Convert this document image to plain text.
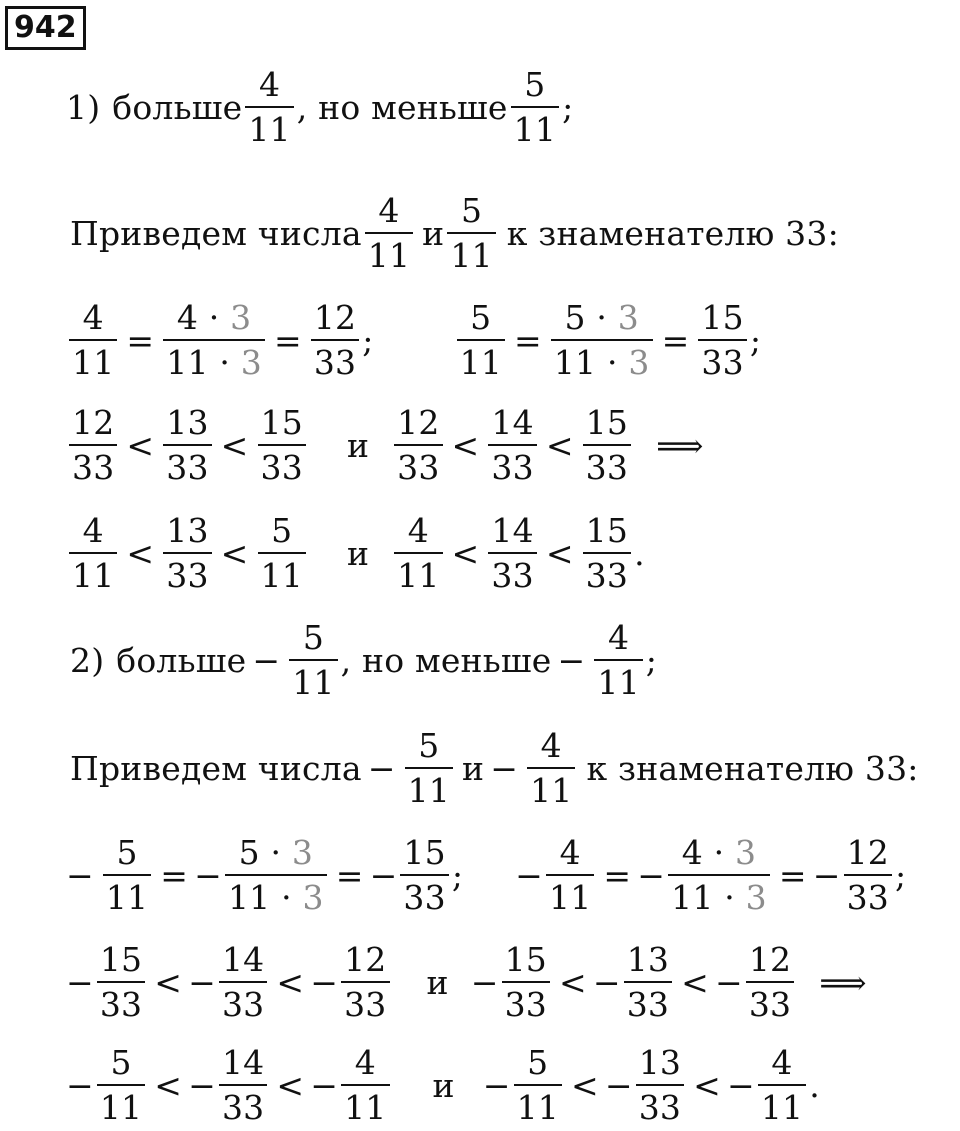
942
1) больше $\frac{4}{11}$ , но меньше $\frac{5}{11}$ ;
Приведем числа $\frac{4}{11}$ и $\frac{5}{11}$ к знаменателю 33:
$\frac{4}{11} = \frac{4 \cdot 3}{11 \cdot 3} = \frac{12}{33}$ ;	$\frac{5}{11} = \frac{5 \cdot 3}{11 \cdot 3} = \frac{15}{33}$ ;
$\frac{12}{33} < \frac{13}{33} < \frac{15}{33}$ и $\frac{12}{33} < \frac{14}{33} < \frac{15}{33}$ ⟹
$\frac{4}{11} < \frac{13}{33} < \frac{5}{11}$ и $\frac{4}{11} < \frac{14}{33} < \frac{15}{33}$ .
2) больше − $\frac{5}{11}$ , но меньше − $\frac{4}{11}$ ;
Приведем числа − $\frac{5}{11}$ $и - \frac{4}{11}$ к знаменателю 33:
− $\frac{5}{11}$ = − $\frac{5 \cdot 3}{11 \cdot 3}$ = − $\frac{15}{33}$ ; − $\frac{4}{11}$ = − $\frac{4 \cdot 3}{11 \cdot 3}$ = − $\frac{12}{33}$ ;
− $\frac{15}{33}$ < − $\frac{14}{33}$ < − $\frac{12}{33}$ $и - \frac{15}{33}$ < − $\frac{13}{33}$ < − $\frac{12}{33}$ ⟹
− $\frac{5}{11}$ < − $\frac{14}{33}$ < − $\frac{4}{11}$ $и - \frac{5}{11}$ < − $\frac{13}{33}$ < − $\frac{4}{11}$ .
